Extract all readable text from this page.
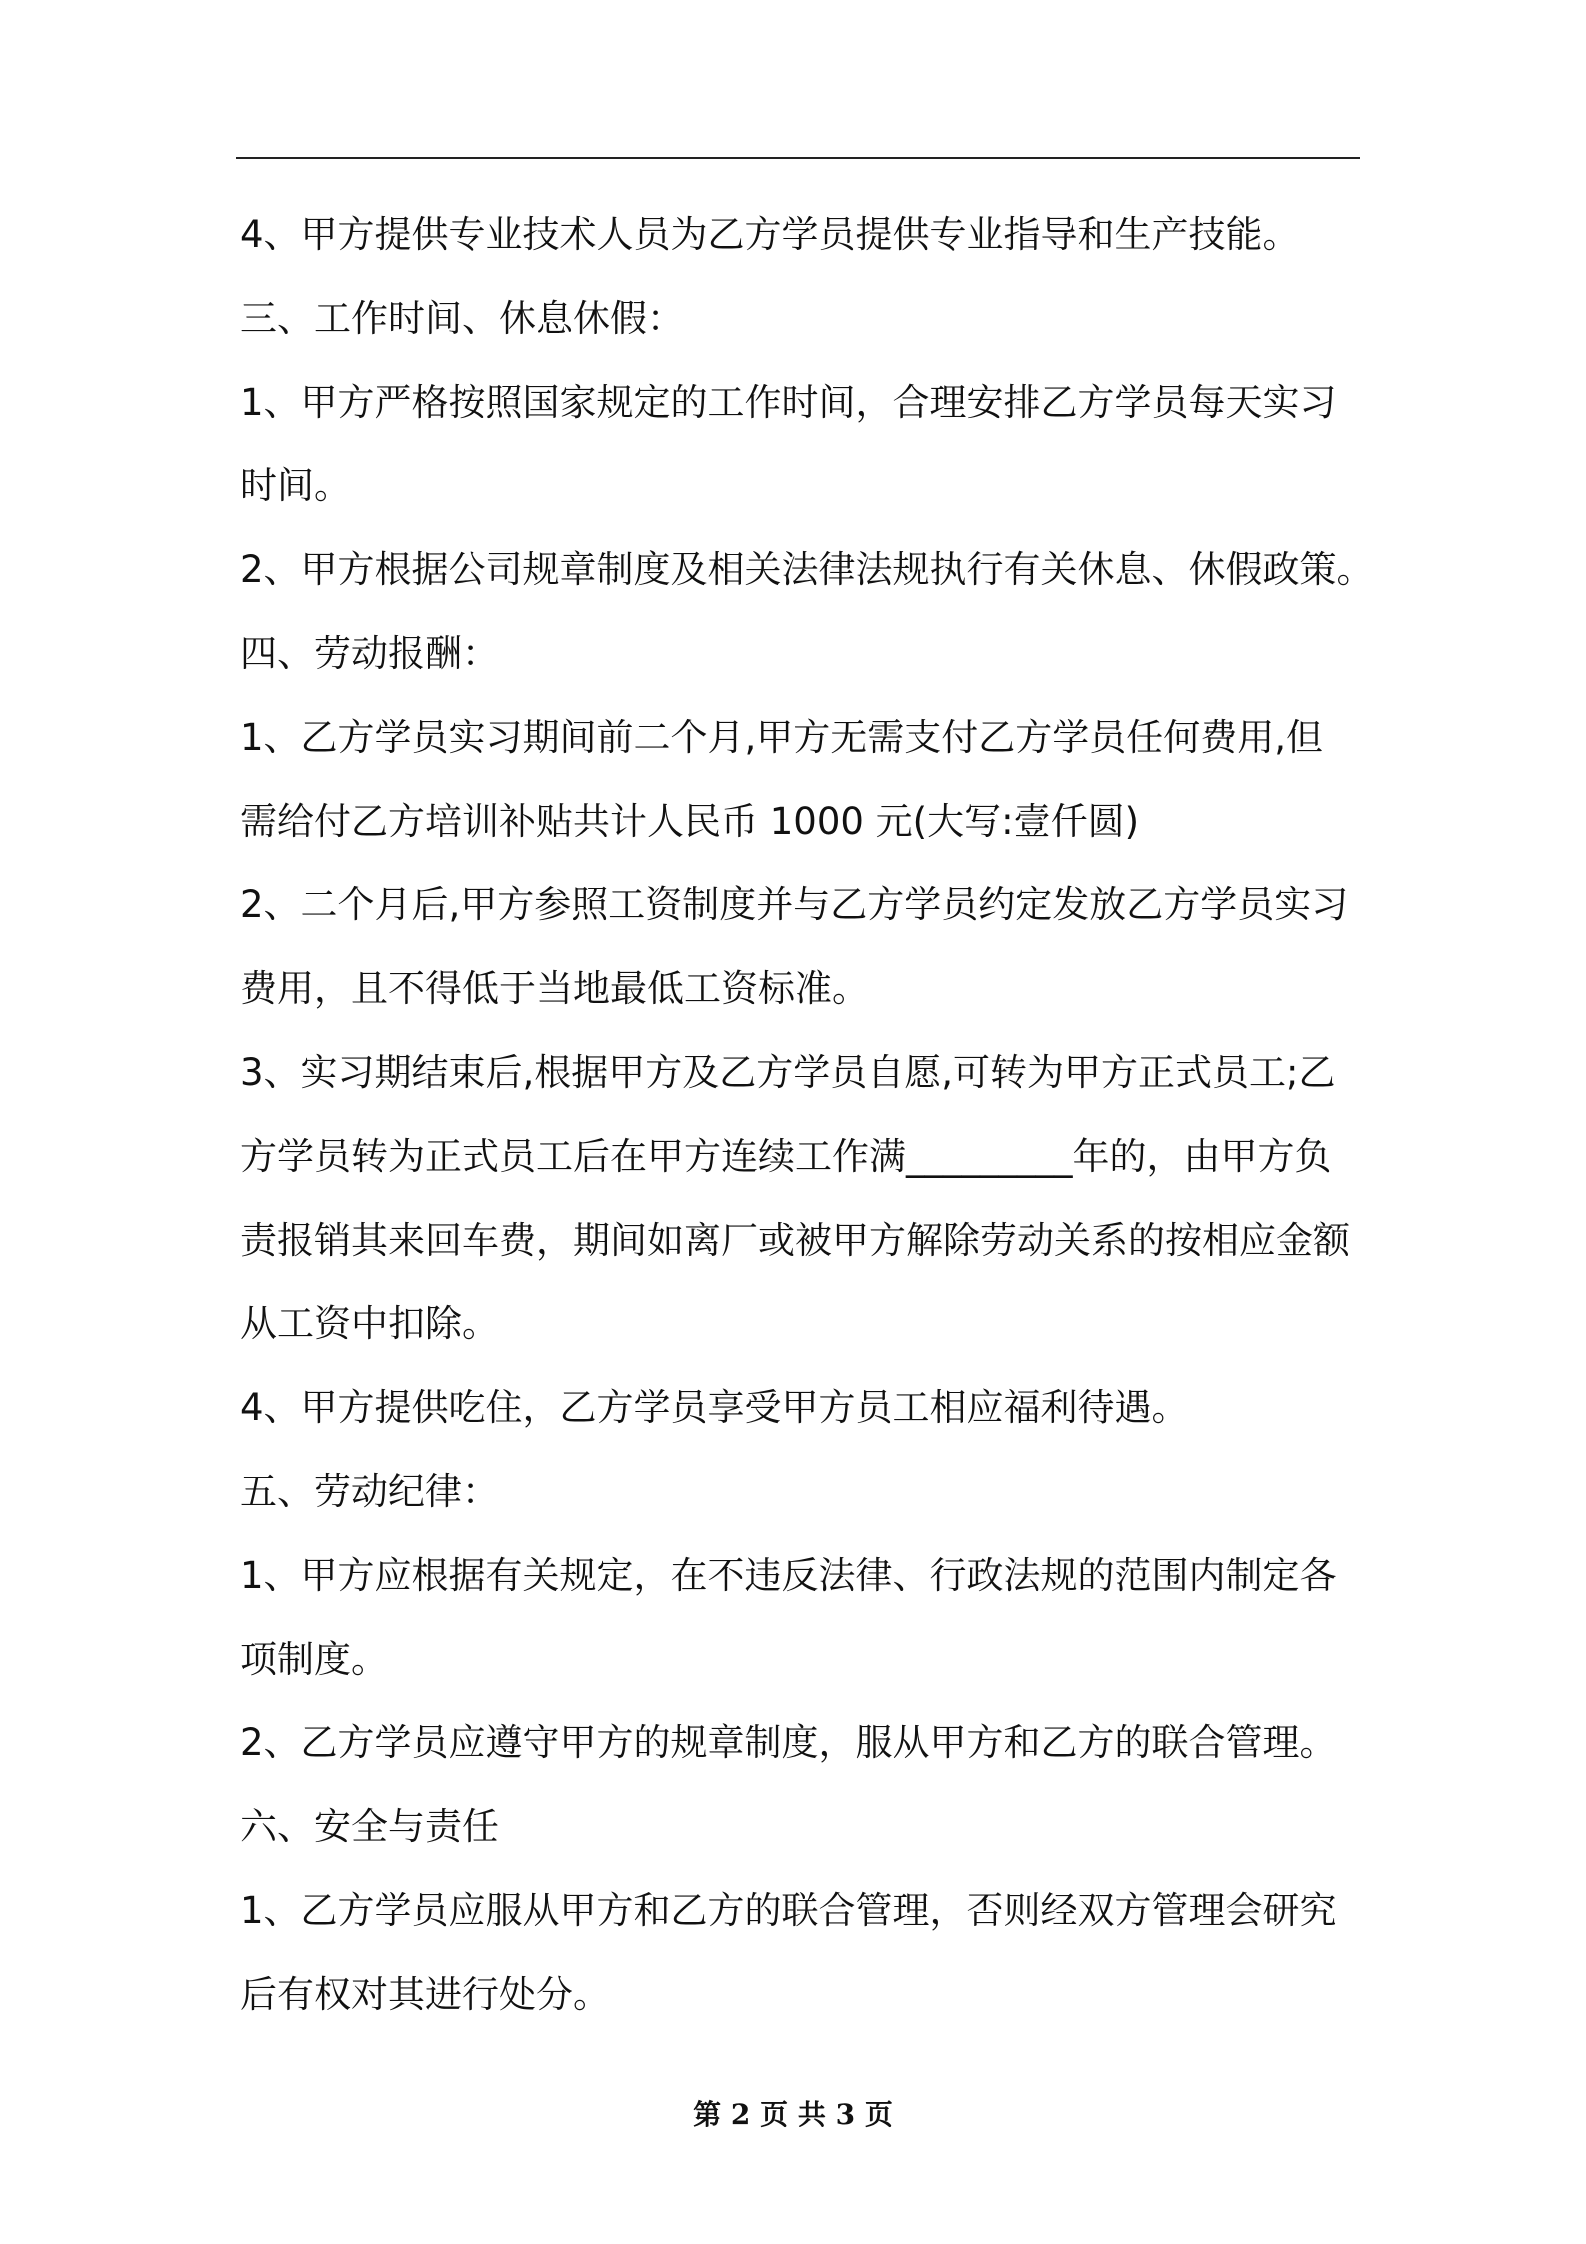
4、甲方提供专业技术人员为乙方学员提供专业指导和生产技能。
三、工作时间、休息休假：
1、甲方严格按照国家规定的工作时间，合理安排乙方学员每天实习
时间。
2、甲方根据公司规章制度及相关法律法规执行有关休息、休假政策。
四、劳动报酬：
1、乙方学员实习期间前二个月,甲方无需支付乙方学员任何费用,但
需给付乙方培训补贴共计人民币 1000 元(大写:壹仟圆)
2、二个月后,甲方参照工资制度并与乙方学员约定发放乙方学员实习
费用，且不得低于当地最低工资标准。
3、实习期结束后,根据甲方及乙方学员自愿,可转为甲方正式员工;乙
方学员转为正式员工后在甲方连续工作满_________年的，由甲方负
责报销其来回车费，期间如离厂或被甲方解除劳动关系的按相应金额
从工资中扣除。
4、甲方提供吃住，乙方学员享受甲方员工相应福利待遇。
五、劳动纪律：
1、甲方应根据有关规定，在不违反法律、行政法规的范围内制定各
项制度。
2、乙方学员应遵守甲方的规章制度，服从甲方和乙方的联合管理。
六、安全与责任
1、乙方学员应服从甲方和乙方的联合管理，否则经双方管理会研究
后有权对其进行处分。
第 2 页 共 3 页
